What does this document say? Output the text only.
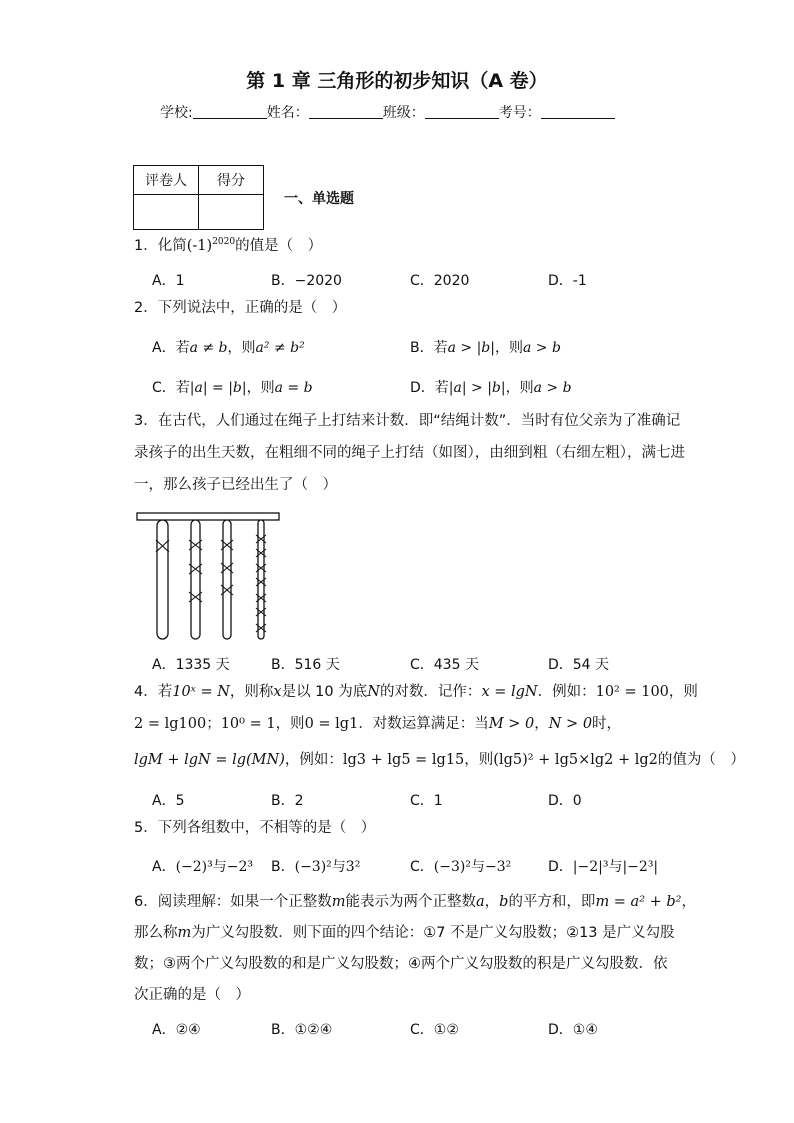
第 1 章 三角形的初步知识（A 卷）
学校:	姓名：	班级：	考号：
评卷人	得分

一、单选题
1．化简$(-1)^{2020}$的值是（　）
A．1	B．−2020	C．2020	D．-1
2．下列说法中，正确的是（　）
A．若a ≠ b，则a² ≠ b²	B．若a > |b|，则a > b
C．若|a| = |b|，则a = b	D．若|a| > |b|，则a > b
3．在古代，人们通过在绳子上打结来计数．即“结绳计数”．当时有位父亲为了准确记
录孩子的出生天数，在粗细不同的绳子上打结（如图），由细到粗（右细左粗），满七进
一，那么孩子已经出生了（　）
A．1335 天	B．516 天	C．435 天	D．54 天
4．若10ˣ = N，则称x是以 10 为底N的对数．记作：x = lgN．例如：10² = 100，则
2 = lg100；10⁰ = 1，则0 = lg1．对数运算满足：当M > 0，N > 0时，
lgM + lgN = lg(MN)，例如：lg3 + lg5 = lg15，则(lg5)² + lg5×lg2 + lg2的值为（　）
A．5	B．2	C．1	D．0
5．下列各组数中，不相等的是（　）
A．(−2)³与−2³ B．(−3)²与3²	C．(−3)²与−3²	D．|−2|³与|−2³|
6．阅读理解：如果一个正整数m能表示为两个正整数a，b的平方和，即m = a² + b²，
那么称m为广义勾股数．则下面的四个结论：①7 不是广义勾股数；②13 是广义勾股
数；③两个广义勾股数的和是广义勾股数；④两个广义勾股数的积是广义勾股数．依
次正确的是（　）
A．②④	B．①②④	C．①②	D．①④
